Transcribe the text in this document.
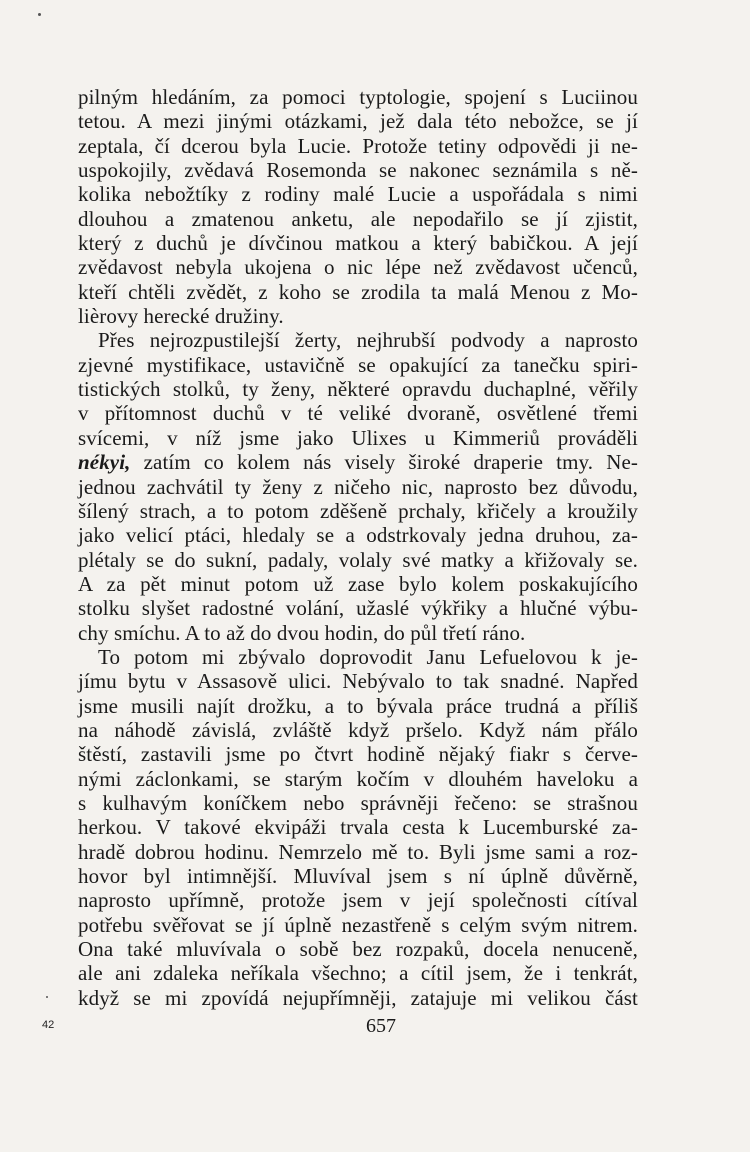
pilným hledáním, za pomoci typtologie, spojení s Luciinou
tetou. A mezi jinými otázkami, jež dala této nebožce, se jí
zeptala, čí dcerou byla Lucie. Protože tetiny odpovědi ji ne-
uspokojily, zvědavá Rosemonda se nakonec seznámila s ně-
kolika nebožtíky z rodiny malé Lucie a uspořádala s nimi
dlouhou a zmatenou anketu, ale nepodařilo se jí zjistit,
který z duchů je dívčinou matkou a který babičkou. A její
zvědavost nebyla ukojena o nic lépe než zvědavost učenců,
kteří chtěli zvědět, z koho se zrodila ta malá Menou z Mo-
lièrovy herecké družiny.
Přes nejrozpustilejší žerty, nejhrubší podvody a naprosto
zjevné mystifikace, ustavičně se opakující za tanečku spiri-
tistických stolků, ty ženy, některé opravdu duchaplné, věřily
v přítomnost duchů v té veliké dvoraně, osvětlené třemi
svícemi, v níž jsme jako Ulixes u Kimmeriů prováděli
nékyi, zatím co kolem nás visely široké draperie tmy. Ne-
jednou zachvátil ty ženy z ničeho nic, naprosto bez důvodu,
šílený strach, a to potom zděšeně prchaly, křičely a kroužily
jako velicí ptáci, hledaly se a odstrkovaly jedna druhou, za-
plétaly se do sukní, padaly, volaly své matky a křižovaly se.
A za pět minut potom už zase bylo kolem poskakujícího
stolku slyšet radostné volání, užaslé výkřiky a hlučné výbu-
chy smíchu. A to až do dvou hodin, do půl třetí ráno.
To potom mi zbývalo doprovodit Janu Lefuelovou k je-
jímu bytu v Assasově ulici. Nebývalo to tak snadné. Napřed
jsme musili najít drožku, a to bývala práce trudná a příliš
na náhodě závislá, zvláště když pršelo. Když nám přálo
štěstí, zastavili jsme po čtvrt hodině nějaký fiakr s červe-
nými záclonkami, se starým kočím v dlouhém haveloku a
s kulhavým koníčkem nebo správněji řečeno: se strašnou
herkou. V takové ekvipáži trvala cesta k Lucemburské za-
hradě dobrou hodinu. Nemrzelo mě to. Byli jsme sami a roz-
hovor byl intimnější. Mluvíval jsem s ní úplně důvěrně,
naprosto upřímně, protože jsem v její společnosti cítíval
potřebu svěřovat se jí úplně nezastřeně s celým svým nitrem.
Ona také mluvívala o sobě bez rozpaků, docela nenuceně,
ale ani zdaleka neříkala všechno; a cítil jsem, že i tenkrát,
když se mi zpovídá nejupřímněji, zatajuje mi velikou část
42	657
